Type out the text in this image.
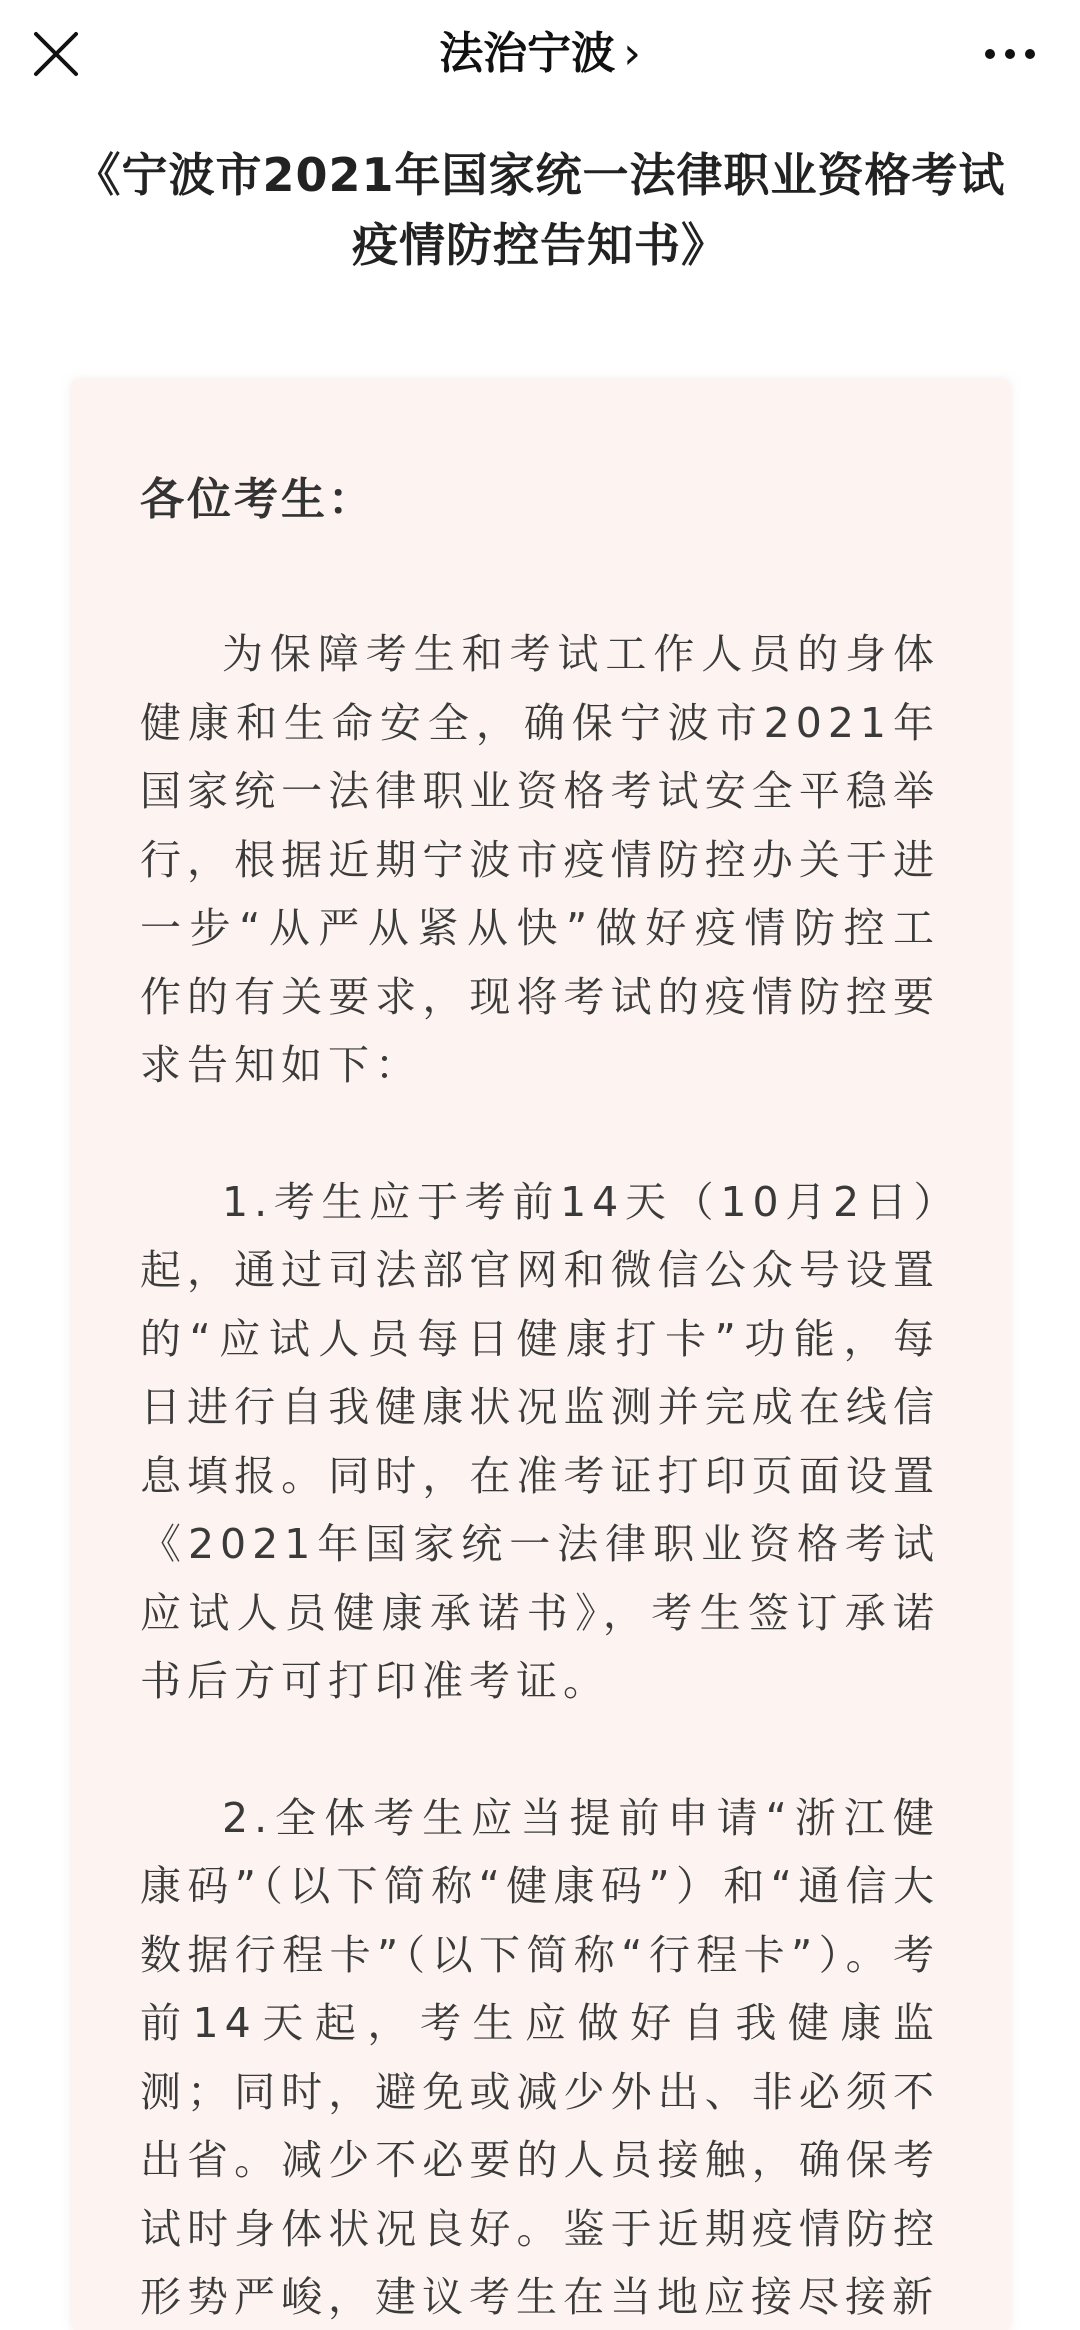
法治宁波 ›
《宁波市2021年国家统一法律职业资格考试疫情防控告知书》

各位考生：

为保障考生和考试工作人员的身体健康和生命安全，确保宁波市2021年国家统一法律职业资格考试安全平稳举行，根据近期宁波市疫情防控办关于进一步“从严从紧从快”做好疫情防控工作的有关要求，现将考试的疫情防控要求告知如下：

1.考生应于考前14天（10月2日）起，通过司法部官网和微信公众号设置的“应试人员每日健康打卡”功能，每日进行自我健康状况监测并完成在线信息填报。同时，在准考证打印页面设置《2021年国家统一法律职业资格考试应试人员健康承诺书》，考生签订承诺书后方可打印准考证。

2.全体考生应当提前申请“浙江健康码”（以下简称“健康码”）和“通信大数据行程卡”（以下简称“行程卡”）。考前14天起，考生应做好自我健康监测；同时，避免或减少外出、非必须不出省。减少不必要的人员接触，确保考试时身体状况良好。鉴于近期疫情防控形势严峻，建议考生在当地应接尽接新
